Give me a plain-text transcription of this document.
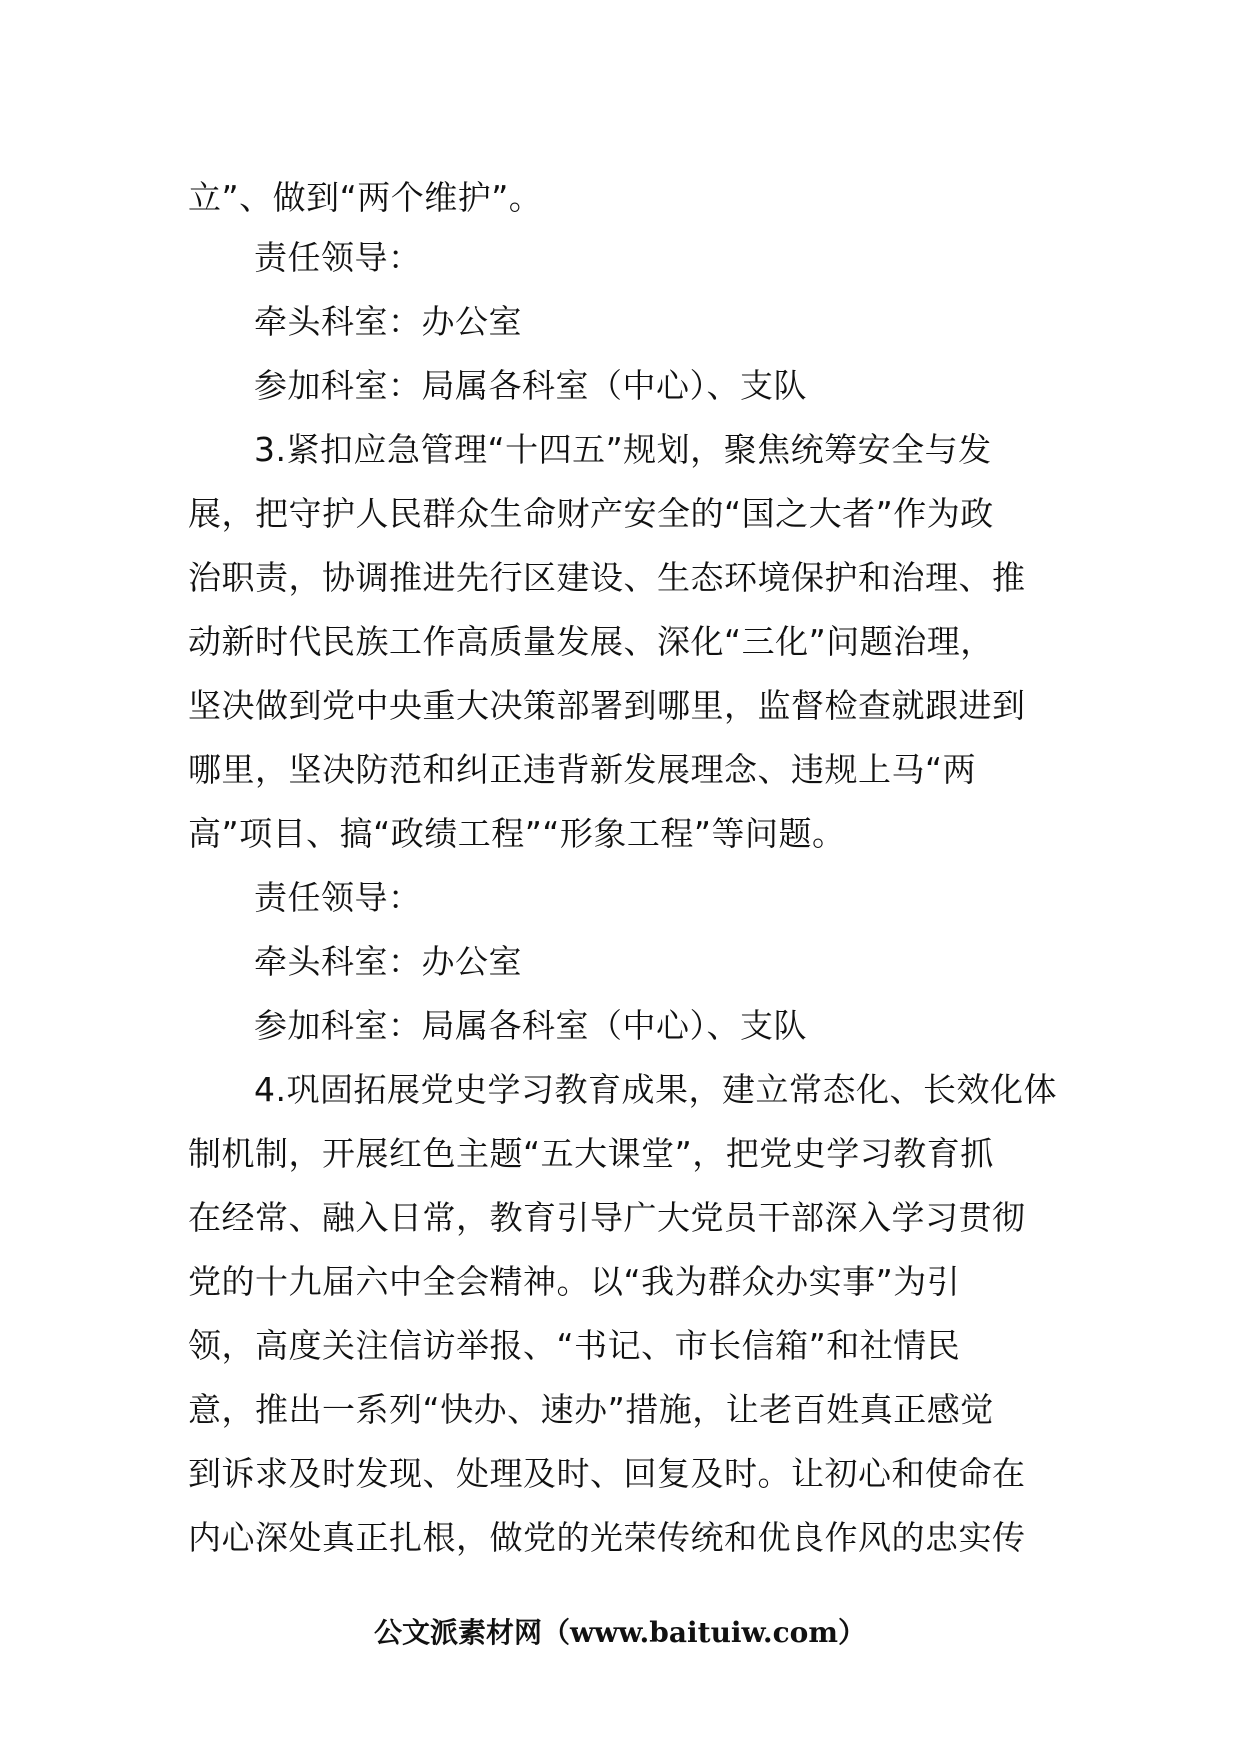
立”、做到“两个维护”。
责任领导：
牵头科室：办公室
参加科室：局属各科室（中心）、支队
3.紧扣应急管理“十四五”规划，聚焦统筹安全与发
展，把守护人民群众生命财产安全的“国之大者”作为政
治职责，协调推进先行区建设、生态环境保护和治理、推
动新时代民族工作高质量发展、深化“三化”问题治理，
坚决做到党中央重大决策部署到哪里，监督检查就跟进到
哪里，坚决防范和纠正违背新发展理念、违规上马“两
高”项目、搞“政绩工程”“形象工程”等问题。
责任领导：
牵头科室：办公室
参加科室：局属各科室（中心）、支队
4.巩固拓展党史学习教育成果，建立常态化、长效化体
制机制，开展红色主题“五大课堂”，把党史学习教育抓
在经常、融入日常，教育引导广大党员干部深入学习贯彻
党的十九届六中全会精神。以“我为群众办实事”为引
领，高度关注信访举报、“书记、市长信箱”和社情民
意，推出一系列“快办、速办”措施，让老百姓真正感觉
到诉求及时发现、处理及时、回复及时。让初心和使命在
内心深处真正扎根，做党的光荣传统和优良作风的忠实传
公文派素材网（www.baituiw.com）
